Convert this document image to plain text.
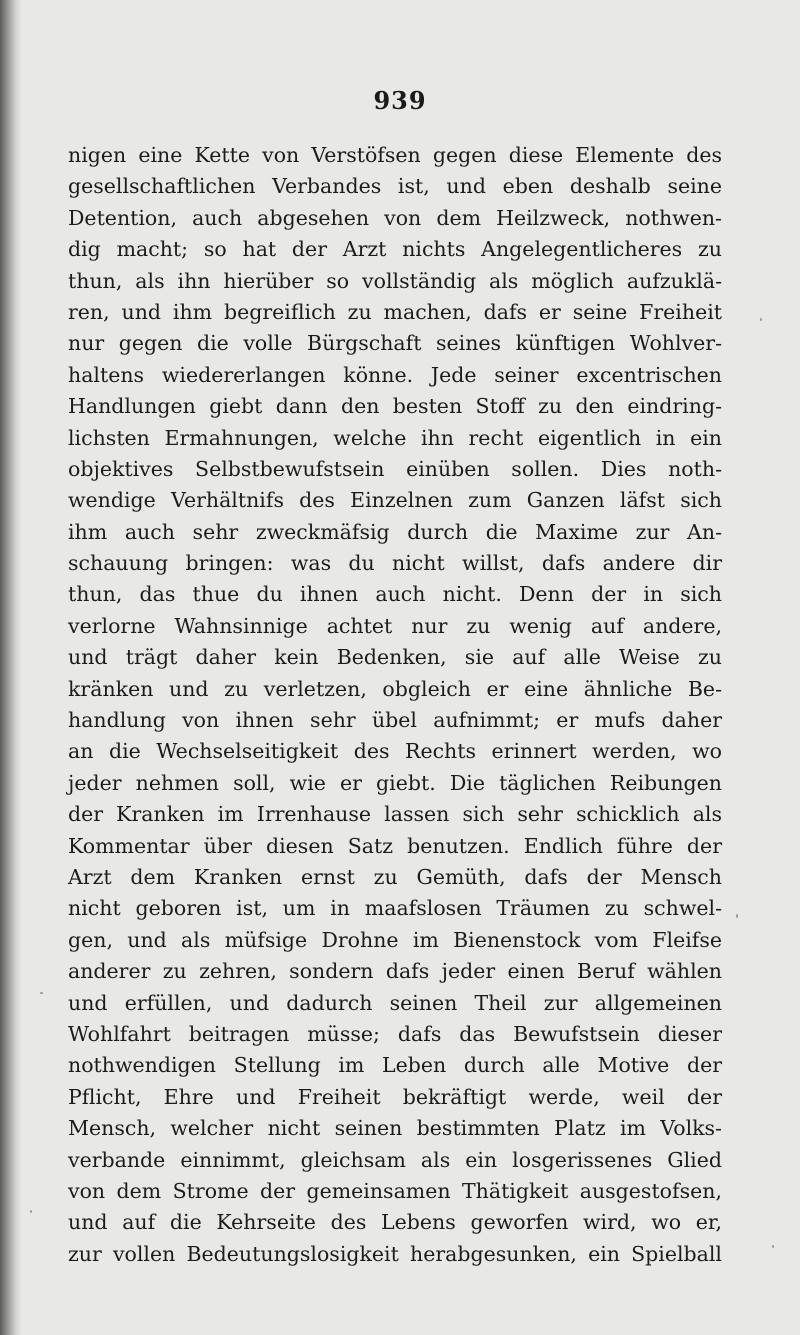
939
nigen eine Kette von Verstöfsen gegen diese Elemente des
gesellschaftlichen Verbandes ist, und eben deshalb seine
Detention, auch abgesehen von dem Heilzweck, nothwen-
dig macht; so hat der Arzt nichts Angelegentlicheres zu
thun, als ihn hierüber so vollständig als möglich aufzuklä-
ren, und ihm begreiflich zu machen, dafs er seine Freiheit
nur gegen die volle Bürgschaft seines künftigen Wohlver-
haltens wiedererlangen könne. Jede seiner excentrischen
Handlungen giebt dann den besten Stoff zu den eindring-
lichsten Ermahnungen, welche ihn recht eigentlich in ein
objektives Selbstbewufstsein einüben sollen. Dies noth-
wendige Verhältnifs des Einzelnen zum Ganzen läfst sich
ihm auch sehr zweckmäfsig durch die Maxime zur An-
schauung bringen: was du nicht willst, dafs andere dir
thun, das thue du ihnen auch nicht. Denn der in sich
verlorne Wahnsinnige achtet nur zu wenig auf andere,
und trägt daher kein Bedenken, sie auf alle Weise zu
kränken und zu verletzen, obgleich er eine ähnliche Be-
handlung von ihnen sehr übel aufnimmt; er mufs daher
an die Wechselseitigkeit des Rechts erinnert werden, wo
jeder nehmen soll, wie er giebt. Die täglichen Reibungen
der Kranken im Irrenhause lassen sich sehr schicklich als
Kommentar über diesen Satz benutzen. Endlich führe der
Arzt dem Kranken ernst zu Gemüth, dafs der Mensch
nicht geboren ist, um in maafslosen Träumen zu schwel-
gen, und als müfsige Drohne im Bienenstock vom Fleifse
anderer zu zehren, sondern dafs jeder einen Beruf wählen
und erfüllen, und dadurch seinen Theil zur allgemeinen
Wohlfahrt beitragen müsse; dafs das Bewufstsein dieser
nothwendigen Stellung im Leben durch alle Motive der
Pflicht, Ehre und Freiheit bekräftigt werde, weil der
Mensch, welcher nicht seinen bestimmten Platz im Volks-
verbande einnimmt, gleichsam als ein losgerissenes Glied
von dem Strome der gemeinsamen Thätigkeit ausgestofsen,
und auf die Kehrseite des Lebens geworfen wird, wo er,
zur vollen Bedeutungslosigkeit herabgesunken, ein Spielball
